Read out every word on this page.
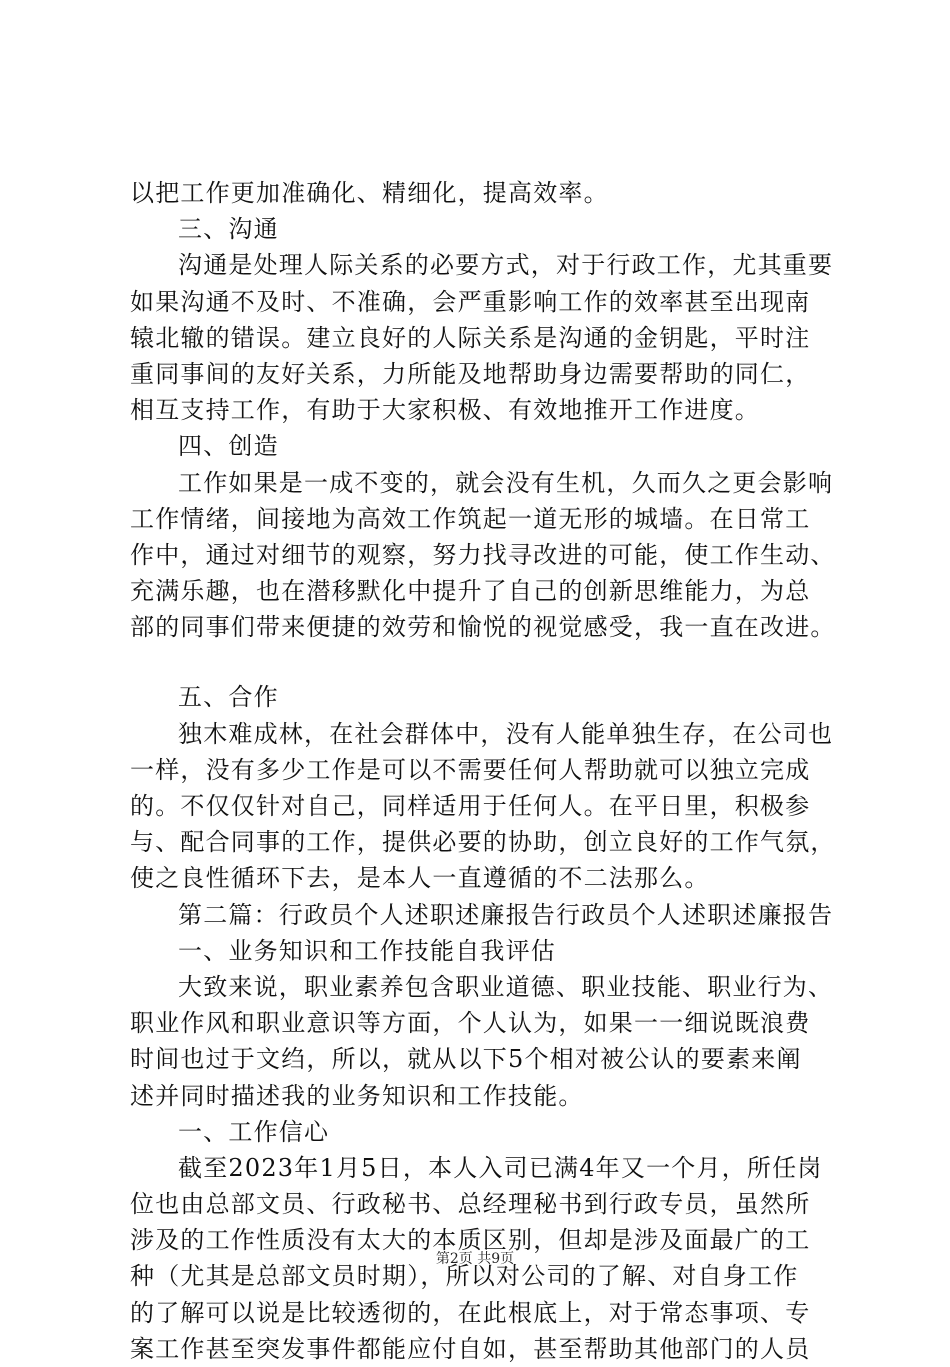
以把工作更加准确化、精细化，提高效率。
三、沟通
沟通是处理人际关系的必要方式，对于行政工作，尤其重要
如果沟通不及时、不准确，会严重影响工作的效率甚至出现南
辕北辙的错误。建立良好的人际关系是沟通的金钥匙，平时注
重同事间的友好关系，力所能及地帮助身边需要帮助的同仁，
相互支持工作，有助于大家积极、有效地推开工作进度。
四、创造
工作如果是一成不变的，就会没有生机，久而久之更会影响
工作情绪，间接地为高效工作筑起一道无形的城墙。在日常工
作中，通过对细节的观察，努力找寻改进的可能，使工作生动、
充满乐趣，也在潜移默化中提升了自己的创新思维能力，为总
部的同事们带来便捷的效劳和愉悦的视觉感受，我一直在改进。
五、合作
独木难成林，在社会群体中，没有人能单独生存，在公司也
一样，没有多少工作是可以不需要任何人帮助就可以独立完成
的。不仅仅针对自己，同样适用于任何人。在平日里，积极参
与、配合同事的工作，提供必要的协助，创立良好的工作气氛，
使之良性循环下去，是本人一直遵循的不二法那么。
第二篇：行政员个人述职述廉报告行政员个人述职述廉报告
一、业务知识和工作技能自我评估
大致来说，职业素养包含职业道德、职业技能、职业行为、
职业作风和职业意识等方面，个人认为，如果一一细说既浪费
时间也过于文绉，所以，就从以下5个相对被公认的要素来阐
述并同时描述我的业务知识和工作技能。
一、工作信心
截至2023年1月5日，本人入司已满4年又一个月，所任岗
位也由总部文员、行政秘书、总经理秘书到行政专员，虽然所
涉及的工作性质没有太大的本质区别，但却是涉及面最广的工
种（尤其是总部文员时期），所以对公司的了解、对自身工作
的了解可以说是比较透彻的，在此根底上，对于常态事项、专
案工作甚至突发事件都能应付自如，甚至帮助其他部门的人员
第2页 共9页
